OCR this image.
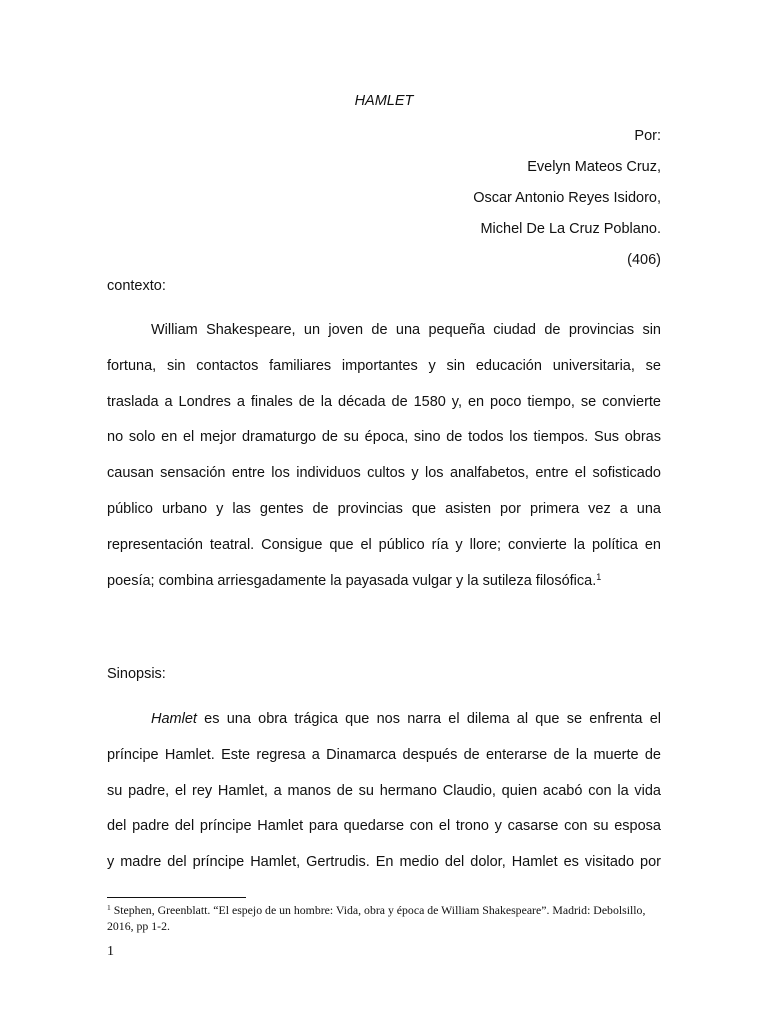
HAMLET
Por:
Evelyn Mateos Cruz,
Oscar Antonio Reyes Isidoro,
Michel De La Cruz Poblano.
(406)
contexto:
William Shakespeare, un joven de una pequeña ciudad de provincias sin
fortuna, sin contactos familiares importantes y sin educación universitaria, se
traslada a Londres a finales de la década de 1580 y, en poco tiempo, se convierte
no solo en el mejor dramaturgo de su época, sino de todos los tiempos. Sus obras
causan sensación entre los individuos cultos y los analfabetos, entre el sofisticado
público urbano y las gentes de provincias que asisten por primera vez a una
representación teatral. Consigue que el público ría y llore; convierte la política en
poesía; combina arriesgadamente la payasada vulgar y la sutileza filosófica.$^1$
Sinopsis:
Hamlet es una obra trágica que nos narra el dilema al que se enfrenta el
príncipe Hamlet. Este regresa a Dinamarca después de enterarse de la muerte de
su padre, el rey Hamlet, a manos de su hermano Claudio, quien acabó con la vida
del padre del príncipe Hamlet para quedarse con el trono y casarse con su esposa
y madre del príncipe Hamlet, Gertrudis. En medio del dolor, Hamlet es visitado por

$^1$ Stephen, Greenblatt. “El espejo de un hombre: Vida, obra y época de William Shakespeare”. Madrid: Debolsillo, 2016, pp 1-2.

1
